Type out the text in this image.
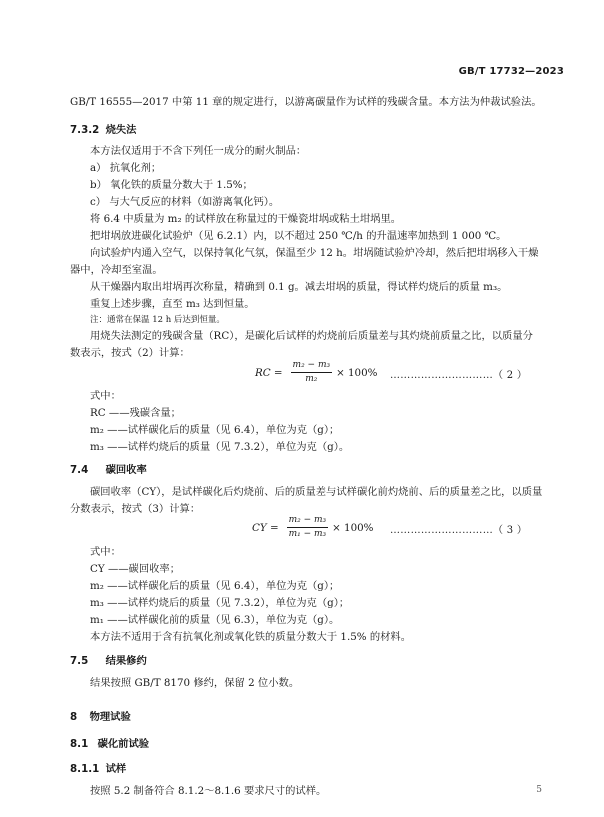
GB/T 17732—2023
GB/T 16555—2017 中第 11 章的规定进行，以游离碳量作为试样的残碳含量。本方法为仲裁试验法。
7.3.2 烧失法
本方法仅适用于不含下列任一成分的耐火制品：
a） 抗氧化剂；
b） 氧化铁的质量分数大于 1.5%；
c） 与大气反应的材料（如游离氧化钙）。
将 6.4 中质量为 m₂ 的试样放在称量过的干燥瓷坩埚或粘土坩埚里。
把坩埚放进碳化试验炉（见 6.2.1）内，以不超过 250 ℃/h 的升温速率加热到 1 000 ℃。
向试验炉内通入空气，以保持氧化气氛，保温至少 12 h。坩埚随试验炉冷却，然后把坩埚移入干燥
器中，冷却至室温。
从干燥器内取出坩埚再次称量，精确到 0.1 g。减去坩埚的质量，得试样灼烧后的质量 m₃。
重复上述步骤，直至 m₃ 达到恒量。
注：通常在保温 12 h 后达到恒量。
用烧失法测定的残碳含量（RC），是碳化后试样的灼烧前后质量差与其灼烧前质量之比，以质量分
数表示，按式（2）计算：
RC = $\frac{\text{m₂ − m₃}}{\text{m₂}} \times 100\%$ …………………………（ 2 ）
式中：
RC ——残碳含量；
m₂ ——试样碳化后的质量（见 6.4），单位为克（g）；
m₃ ——试样灼烧后的质量（见 7.3.2），单位为克（g）。
7.4 碳回收率
碳回收率（CY），是试样碳化后灼烧前、后的质量差与试样碳化前灼烧前、后的质量差之比，以质量
分数表示，按式（3）计算：
CY = $\frac{\text{m₂ − m₃}}{\text{m₁ − m₃}} \times 100\%$ …………………………（ 3 ）
式中：
CY ——碳回收率；
m₂ ——试样碳化后的质量（见 6.4），单位为克（g）；
m₃ ——试样灼烧后的质量（见 7.3.2），单位为克（g）；
m₁ ——试样碳化前的质量（见 6.3），单位为克（g）。
本方法不适用于含有抗氧化剂或氧化铁的质量分数大于 1.5% 的材料。
7.5 结果修约
结果按照 GB/T 8170 修约，保留 2 位小数。
8 物理试验
8.1 碳化前试验
8.1.1 试样
按照 5.2 制备符合 8.1.2～8.1.6 要求尺寸的试样。	5
